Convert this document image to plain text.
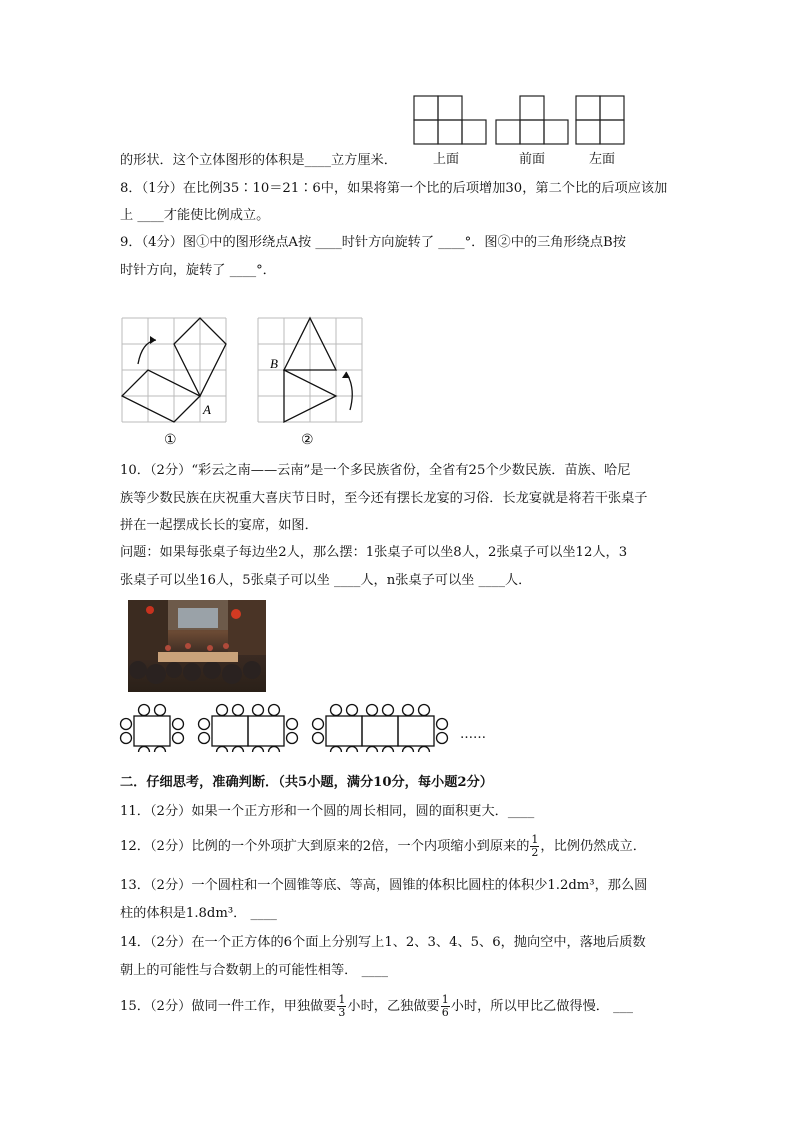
上面	前面	左面
的形状．这个立体图形的体积是____立方厘米．
8．（1分）在比例35∶10＝21∶6中，如果将第一个比的后项增加30，第二个比的后项应该加
上 ____才能使比例成立。
9．（4分）图①中的图形绕点A按 ____时针方向旋转了 ____°．图②中的三角形绕点B按
时针方向，旋转了 ____°．
A
①
B
②
10．（2分）“彩云之南——云南”是一个多民族省份，全省有25个少数民族．苗族、哈尼
族等少数民族在庆祝重大喜庆节日时，至今还有摆长龙宴的习俗．长龙宴就是将若干张桌子
拼在一起摆成长长的宴席，如图．
问题：如果每张桌子每边坐2人，那么摆：1张桌子可以坐8人，2张桌子可以坐12人，3
张桌子可以坐16人，5张桌子可以坐 ____人，n张桌子可以坐 ____人．
……
二．仔细思考，准确判断．（共5小题，满分10分，每小题2分）
11．（2分）如果一个正方形和一个圆的周长相同，圆的面积更大．____
12．（2分）比例的一个外项扩大到原来的2倍，一个内项缩小到原来的 $\frac{1}{2}$ ，比例仍然成立．
13．（2分）一个圆柱和一个圆锥等底、等高，圆锥的体积比圆柱的体积少1.2dm³，那么圆
柱的体积是1.8dm³． ____
14．（2分）在一个正方体的6个面上分别写上1、2、3、4、5、6，抛向空中，落地后质数
朝上的可能性与合数朝上的可能性相等． ____
15．（2分）做同一件工作，甲独做要 $\frac{1}{3}$ 小时，乙独做要 $\frac{1}{6}$ 小时，所以甲比乙做得慢． ___
